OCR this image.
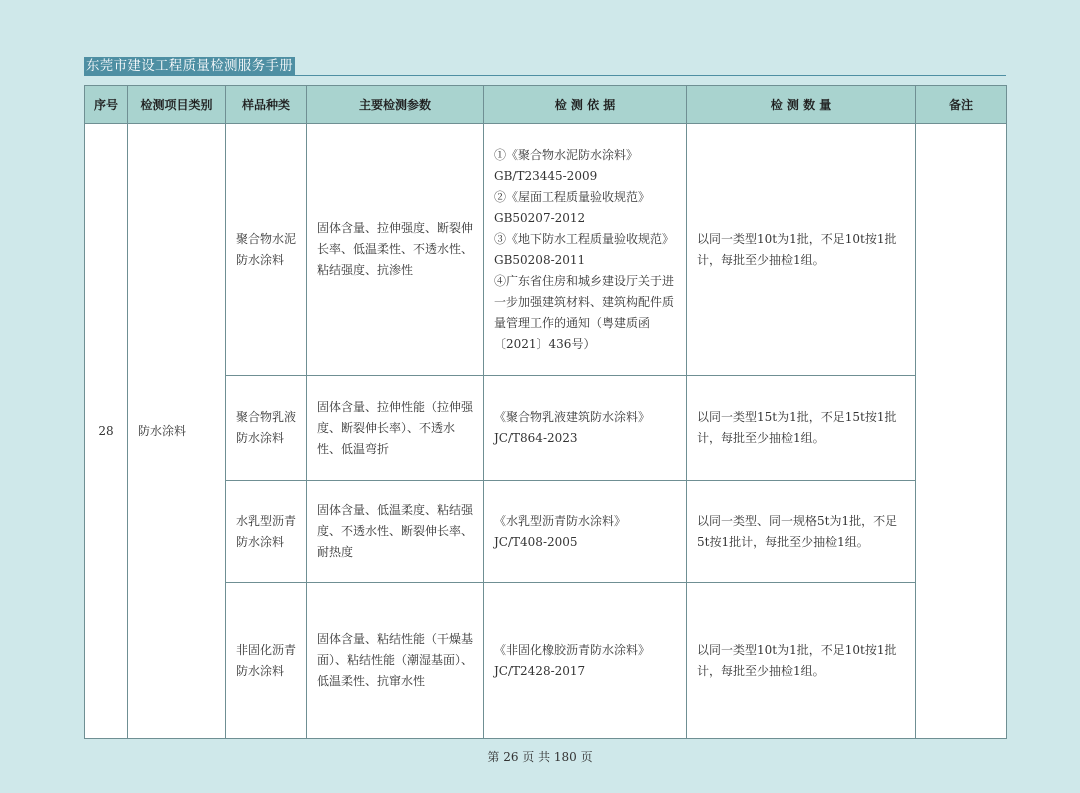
东莞市建设工程质量检测服务手册
序号	检测项目类别	样品种类	主要检测参数	检 测 依 据	检 测 数 量	备注
28	防水涂料	聚合物水泥防水涂料	固体含量、拉伸强度、断裂伸长率、低温柔性、不透水性、粘结强度、抗渗性	①《聚合物水泥防水涂料》GB/T23445-2009
②《屋面工程质量验收规范》GB50207-2012
③《地下防水工程质量验收规范》GB50208-2011
④广东省住房和城乡建设厅关于进一步加强建筑材料、建筑构配件质量管理工作的通知（粤建质函〔2021〕436号）	以同一类型10t为1批，不足10t按1批计，每批至少抽检1组。	
		聚合物乳液防水涂料	固体含量、拉伸性能（拉伸强度、断裂伸长率）、不透水性、低温弯折	《聚合物乳液建筑防水涂料》JC/T864-2023	以同一类型15t为1批，不足15t按1批计，每批至少抽检1组。	
		水乳型沥青防水涂料	固体含量、低温柔度、粘结强度、不透水性、断裂伸长率、耐热度	《水乳型沥青防水涂料》JC/T408-2005	以同一类型、同一规格5t为1批，不足5t按1批计，每批至少抽检1组。	
		非固化沥青防水涂料	固体含量、粘结性能（干燥基面）、粘结性能（潮湿基面）、低温柔性、抗窜水性	《非固化橡胶沥青防水涂料》JC/T2428-2017	以同一类型10t为1批，不足10t按1批计，每批至少抽检1组。	
第 26 页 共 180 页
